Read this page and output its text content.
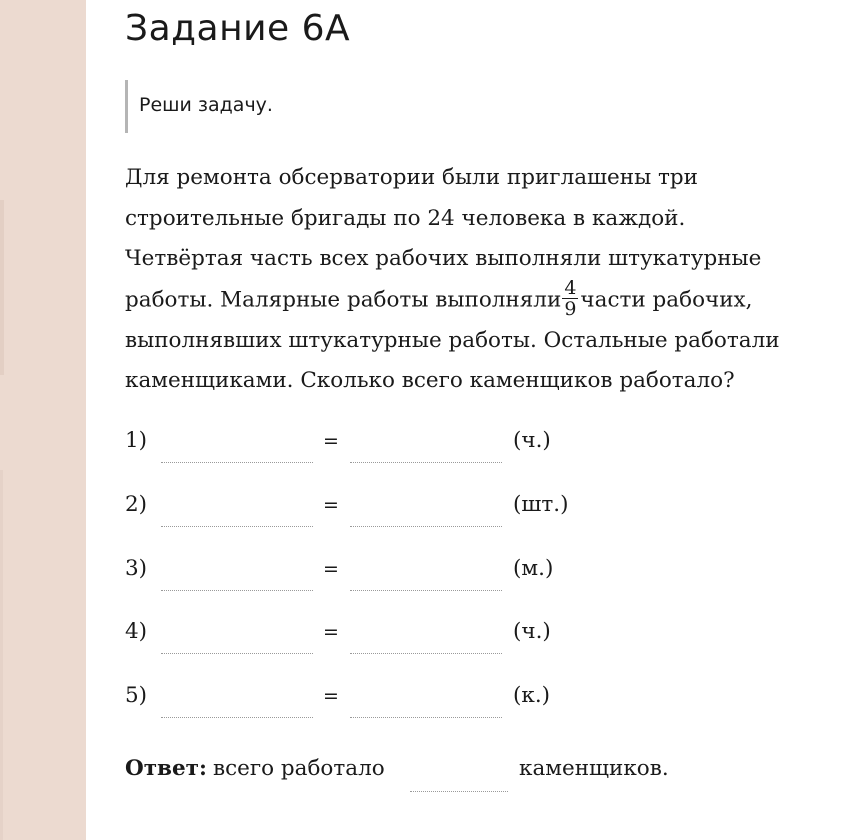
Задание 6А
Реши задачу.
Для ремонта обсерватории были приглашены три
строительные бригады по 24 человека в каждой.
Четвёртая часть всех рабочих выполняли штукатурные
работы. Малярные работы выполняли $\frac{4}{9}$ части рабочих,
выполнявших штукатурные работы. Остальные работали
каменщиками. Сколько всего каменщиков работало?
1)	=	(ч.)
2)	=	(шт.)
3)	=	(м.)
4)	=	(ч.)
5)	=	(к.)
Ответ: всего работало	каменщиков.
